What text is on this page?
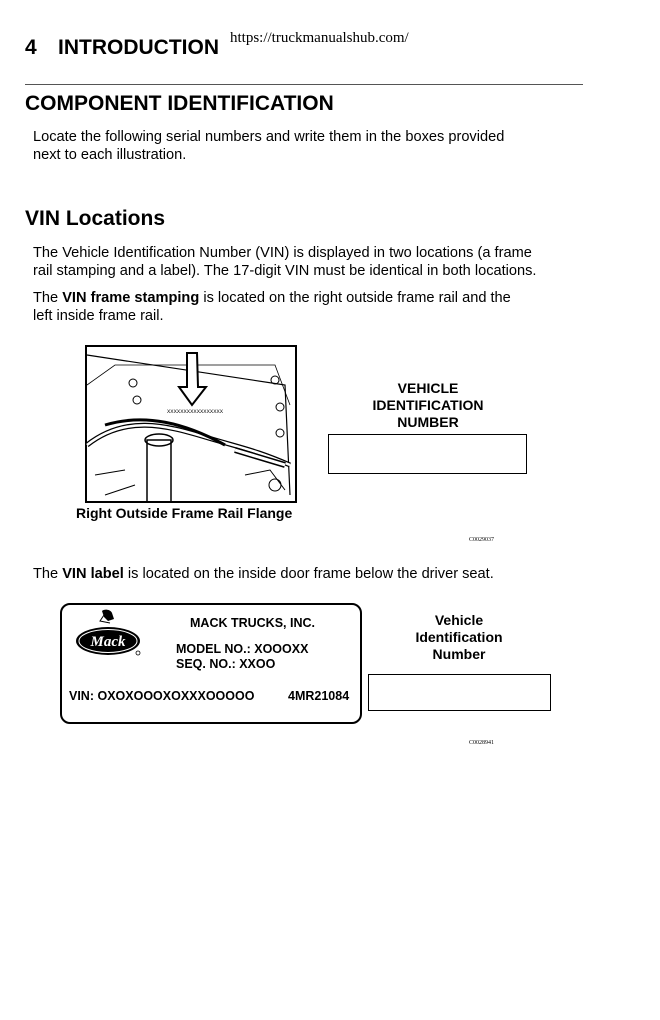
4 INTRODUCTION https://truckmanualshub.com/
COMPONENT IDENTIFICATION
Locate the following serial numbers and write them in the boxes provided
next to each illustration.
VIN Locations
The Vehicle Identification Number (VIN) is displayed in two locations (a frame
rail stamping and a label). The 17-digit VIN must be identical in both locations.
The VIN frame stamping is located on the right outside frame rail and the
left inside frame rail.
XXXXXXXXXXXXXXXXX
Right Outside Frame Rail Flange
VEHICLE
IDENTIFICATION
NUMBER
C0029037
The VIN label is located on the inside door frame below the driver seat.
Mack
MACK TRUCKS, INC.
MODEL NO.: XOOOXX
SEQ. NO.: XXOO
VIN: OXOXOOOXOXXXOOOOO	4MR21084
Vehicle
Identification
Number
C0028941
